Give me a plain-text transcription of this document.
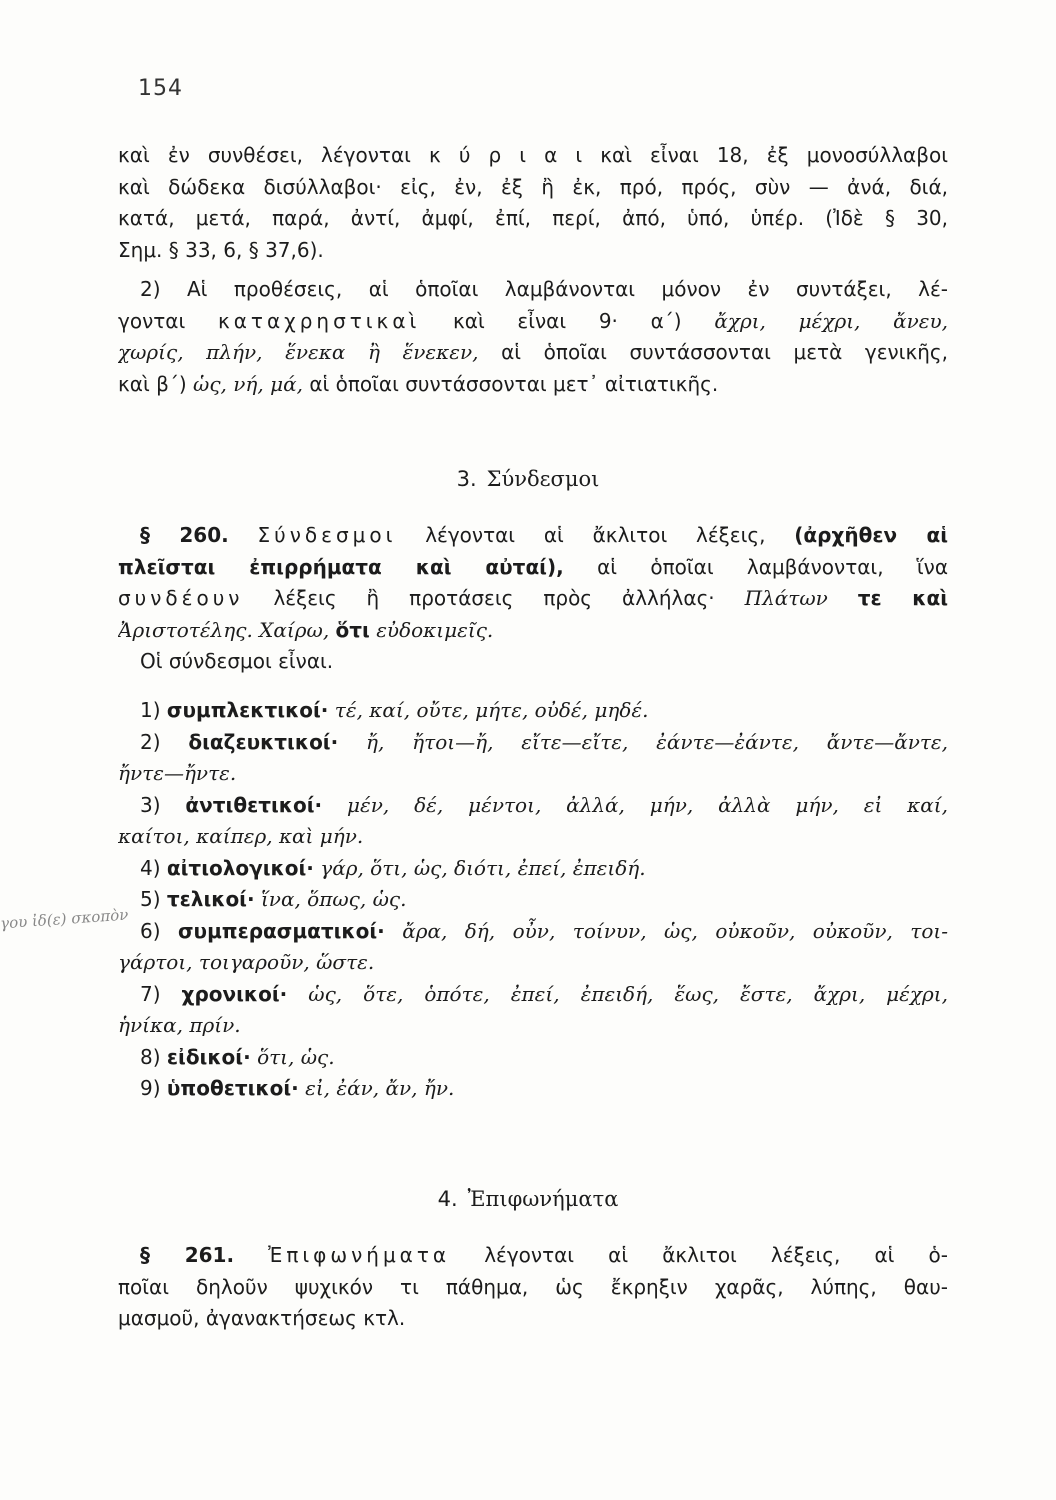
154
καὶ ἐν συνθέσει, λέγονται κ ύ ρ ι α ι καὶ εἶναι 18, ἐξ μονοσύλλαβοι
καὶ δώδεκα δισύλλαβοι· εἰς, ἐν, ἐξ ἢ ἐκ, πρό, πρός, σὺν — ἀνά, διά,
κατά, μετά, παρά, ἀντί, ἀμφί, ἐπί, περί, ἀπό, ὑπό, ὑπέρ. (Ἰδὲ § 30,
Σημ. § 33, 6, § 37,6).
2) Αἱ προθέσεις, αἱ ὁποῖαι λαμβάνονται μόνον ἐν συντάξει, λέ-
γονται καταχρηστικαὶ καὶ εἶναι 9· α΄) ἄχρι, μέχρι, ἄνευ,
χωρίς, πλήν, ἕνεκα ἢ ἕνεκεν, αἱ ὁποῖαι συντάσσονται μετὰ γενικῆς,
καὶ β΄) ὡς, νή, μά, αἱ ὁποῖαι συντάσσονται μετ᾽ αἰτιατικῆς.
3. Σύνδεσμοι
§ 260. Σύνδεσμοι λέγονται αἱ ἄκλιτοι λέξεις, (ἀρχῆθεν αἱ
πλεῖσται ἐπιρρήματα καὶ αὐταί), αἱ ὁποῖαι λαμβάνονται, ἵνα
συνδέουν λέξεις ἢ προτάσεις πρὸς ἀλλήλας· Πλάτων τε καὶ
Ἀριστοτέλης. Χαίρω, ὅτι εὐδοκιμεῖς.
Οἱ σύνδεσμοι εἶναι.
1) συμπλεκτικοί· τέ, καί, οὔτε, μήτε, οὐδέ, μηδέ.
2) διαζευκτικοί· ἤ, ἤτοι—ἤ, εἴτε—εἴτε, ἐάντε—ἐάντε, ἄντε—ἄντε,
ἤντε—ἤντε.
3) ἀντιθετικοί· μέν, δέ, μέντοι, ἀλλά, μήν, ἀλλὰ μήν, εἰ καί,
καίτοι, καίπερ, καὶ μήν.
4) αἰτιολογικοί· γάρ, ὅτι, ὡς, διότι, ἐπεί, ἐπειδή.
5) τελικοί· ἵνα, ὅπως, ὡς.
6) συμπερασματικοί· ἄρα, δή, οὖν, τοίνυν, ὡς, οὐκοῦν, οὐκοῦν, τοι-
γάρτοι, τοιγαροῦν, ὥστε.
7) χρονικοί· ὡς, ὅτε, ὁπότε, ἐπεί, ἐπειδή, ἕως, ἔστε, ἄχρι, μέχρι,
ἡνίκα, πρίν.
8) εἰδικοί· ὅτι, ὡς.
9) ὑποθετικοί· εἰ, ἐάν, ἄν, ἤν.
γου ἰδ(ε) σκοπὸν
4. Ἐπιφωνήματα
§ 261. Ἐπιφωνήματα λέγονται αἱ ἄκλιτοι λέξεις, αἱ ὁ-
ποῖαι δηλοῦν ψυχικόν τι πάθημα, ὡς ἔκρηξιν χαρᾶς, λύπης, θαυ-
μασμοῦ, ἀγανακτήσεως κτλ.
